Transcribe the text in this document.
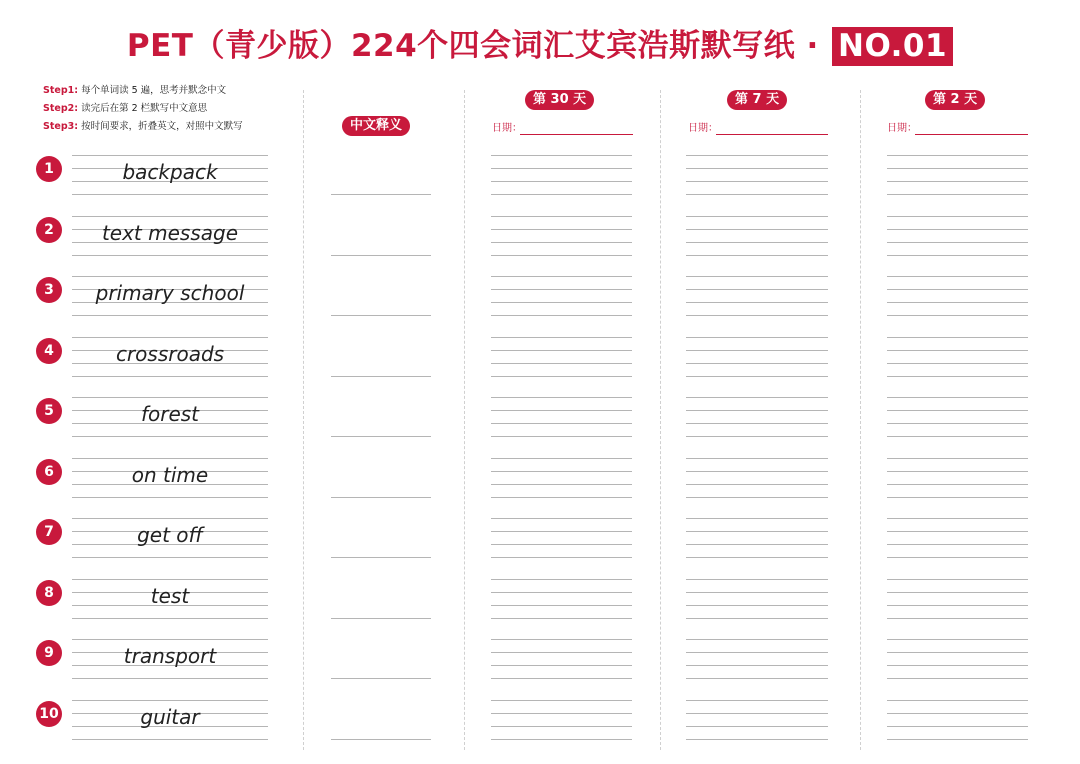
PET（青少版）224个四会词汇艾宾浩斯默写纸 · NO.01
Step1: 每个单词读 5 遍，思考并默念中文
Step2: 读完后在第 2 栏默写中文意思
Step3: 按时间要求，折叠英文，对照中文默写	中文释义
第 30 天	第 7 天	第 2 天
日期：	日期：	日期：
1	backpack
2	text message
3	primary school
4	crossroads
5	forest
6	on time
7	get off
8	test
9	transport
10	guitar
